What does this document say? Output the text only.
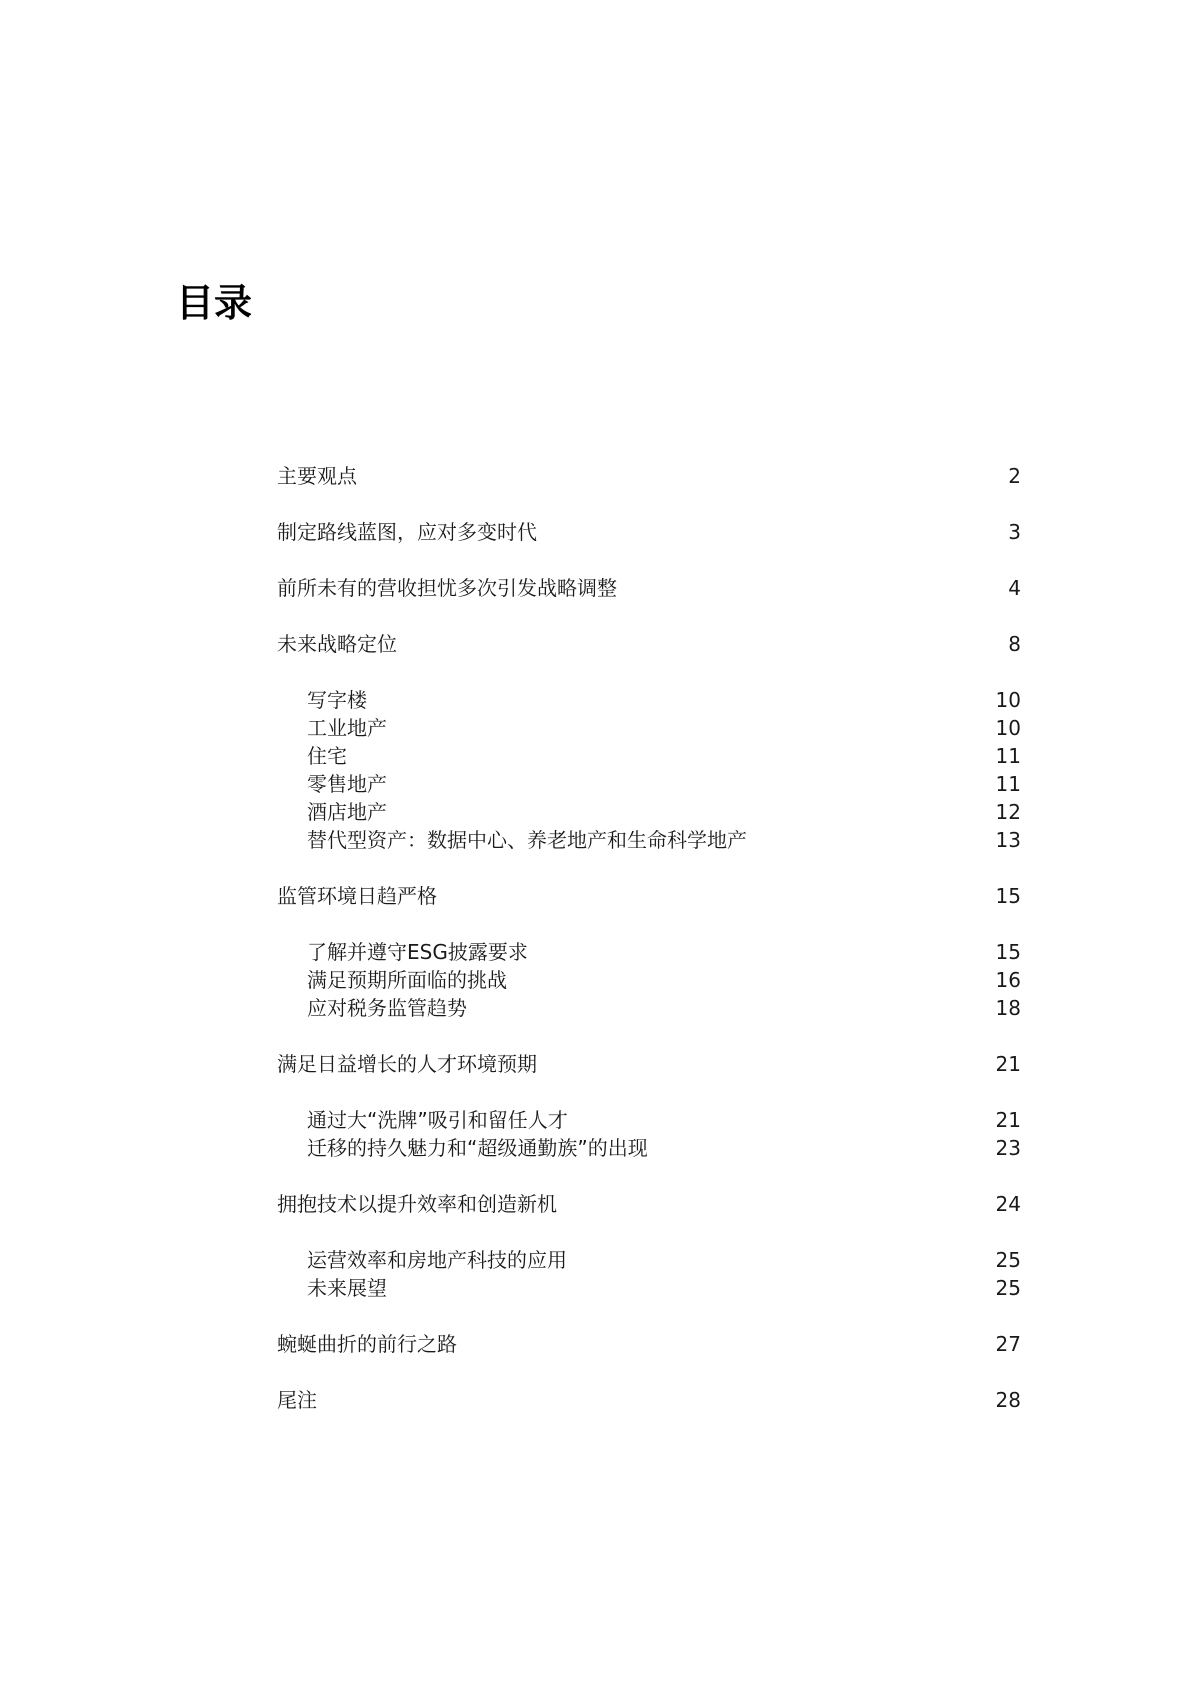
目录
主要观点	2
制定路线蓝图，应对多变时代	3
前所未有的营收担忧多次引发战略调整	4
未来战略定位	8
写字楼	10
工业地产	10
住宅	11
零售地产	11
酒店地产	12
替代型资产：数据中心、养老地产和生命科学地产	13
监管环境日趋严格	15
了解并遵守ESG披露要求	15
满足预期所面临的挑战	16
应对税务监管趋势	18
满足日益增长的人才环境预期	21
通过大“洗牌”吸引和留任人才	21
迁移的持久魅力和“超级通勤族”的出现	23
拥抱技术以提升效率和创造新机	24
运营效率和房地产科技的应用	25
未来展望	25
蜿蜒曲折的前行之路	27
尾注	28
